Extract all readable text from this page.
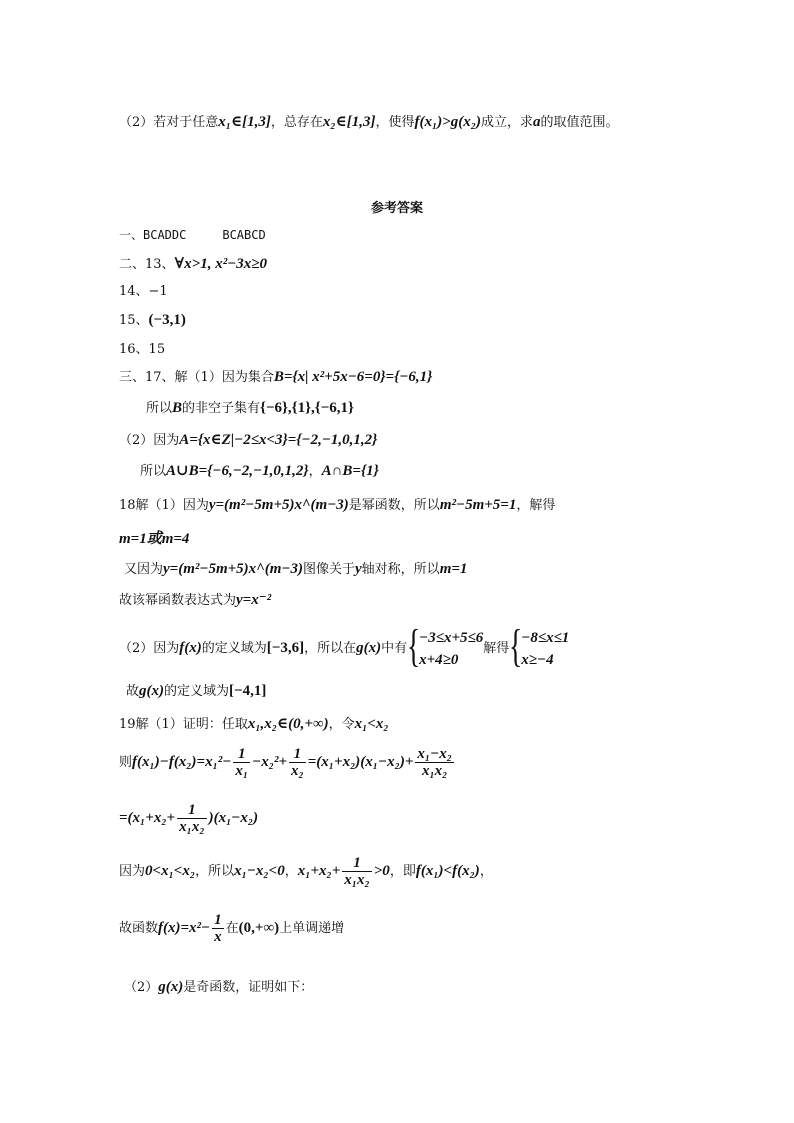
（2）若对于任意x₁∈[1,3]，总存在x₂∈[1,3]，使得f(x₁)>g(x₂)成立，求a的取值范围。
参考答案
一、BCADDC	BCABCD
二、13、∀x>1, x²−3x≥0
14、−1
15、(−3,1)
16、15
三、17、解（1）因为集合B={x| x²+5x−6=0}={−6,1}
所以B的非空子集有{−6},{1},{−6,1}
（2）因为A={x∈Z|−2≤x<3}={−2,−1,0,1,2}
所以A∪B={−6,−2,−1,0,1,2}，A∩B={1}
18解（1）因为y=(m²−5m+5)x^(m−3)是幂函数，所以m²−5m+5=1，解得
m=1或m=4
又因为y=(m²−5m+5)x^(m−3)图像关于y轴对称，所以m=1
故该幂函数表达式为y=x⁻²
（2）因为f(x)的定义域为[−3,6]，所以在g(x)中有 {
−3≤x+5≤6
x+4≥0
解得 {
−8≤x≤1
x≥−4
故g(x)的定义域为[−4,1]
19解（1）证明：任取x₁,x₂∈(0,+∞)，令x₁<x₂
则$f(x_1)-f(x_2)=x_1^2- \frac{1}{\text{x₁}} -x_2^2+ \frac{1}{\text{x₂}} =(x_1+x_2)(x_1-x_2)+ \frac{\text{x₁−x₂}}{\text{x₁x₂}}$
$=(x_1+x_2+ \frac{1}{\text{x₁x₂}} )(x_1-x_2)$
因为0<x₁<x₂，所以x₁−x₂<0，$x_1+x_2+ \frac{1}{\text{x₁x₂}} >0$，即f(x₁)<f(x₂)，
故函数$f(x)=x^2- \frac{1}{x}$ 在(0,+∞)上单调递增
（2）g(x)是奇函数，证明如下：
